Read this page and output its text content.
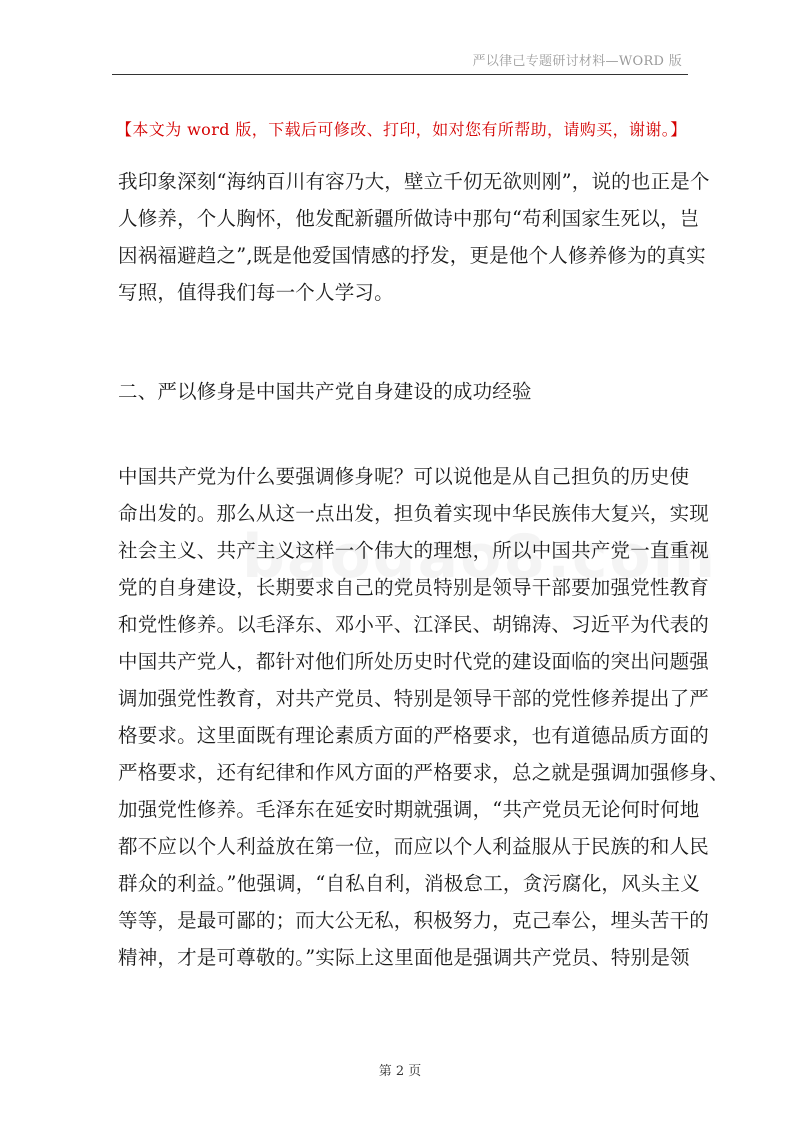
严以律己专题研讨材料—WORD 版
【本文为 word 版，下载后可修改、打印，如对您有所帮助，请购买，谢谢。】
我印象深刻“海纳百川有容乃大，壁立千仞无欲则刚”，说的也正是个
人修养，个人胸怀，他发配新疆所做诗中那句“苟利国家生死以，岂
因祸福避趋之”,既是他爱国情感的抒发，更是他个人修养修为的真实
写照，值得我们每一个人学习。
二、严以修身是中国共产党自身建设的成功经验
中国共产党为什么要强调修身呢？可以说他是从自己担负的历史使
命出发的。那么从这一点出发，担负着实现中华民族伟大复兴，实现
社会主义、共产主义这样一个伟大的理想，所以中国共产党一直重视
党的自身建设，长期要求自己的党员特别是领导干部要加强党性教育
和党性修养。以毛泽东、邓小平、江泽民、胡锦涛、习近平为代表的
中国共产党人，都针对他们所处历史时代党的建设面临的突出问题强
调加强党性教育，对共产党员、特别是领导干部的党性修养提出了严
格要求。这里面既有理论素质方面的严格要求，也有道德品质方面的
严格要求，还有纪律和作风方面的严格要求，总之就是强调加强修身、
加强党性修养。毛泽东在延安时期就强调，“共产党员无论何时何地
都不应以个人利益放在第一位，而应以个人利益服从于民族的和人民
群众的利益。”他强调，“自私自利，消极怠工，贪污腐化，风头主义
等等，是最可鄙的；而大公无私，积极努力，克己奉公，埋头苦干的
精神，才是可尊敬的。”实际上这里面他是强调共产党员、特别是领
第 2 页
